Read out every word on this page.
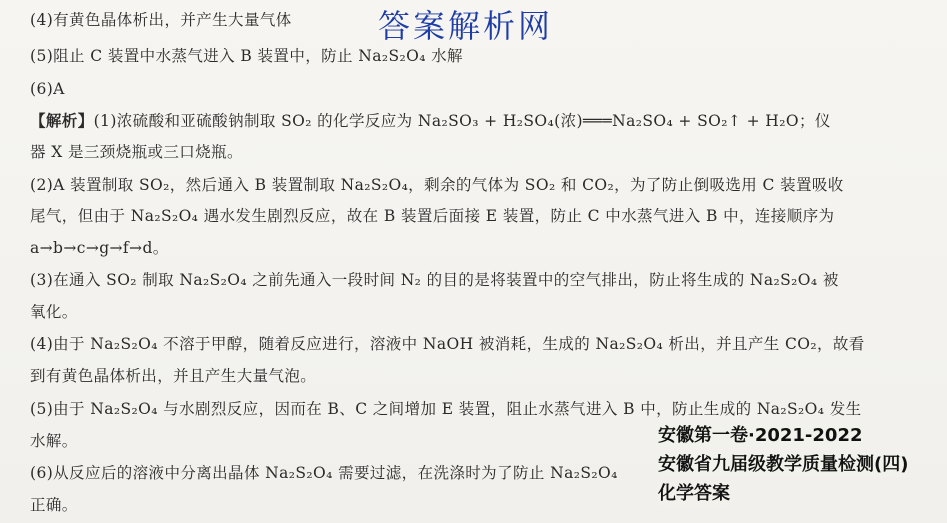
(4)有黄色晶体析出，并产生大量气体
(5)阻止 C 装置中水蒸气进入 B 装置中，防止 Na₂S₂O₄ 水解
(6)A
【解析】(1)浓硫酸和亚硫酸钠制取 SO₂ 的化学反应为 Na₂SO₃ + H₂SO₄(浓)═══Na₂SO₄ + SO₂↑ + H₂O；仪
器 X 是三颈烧瓶或三口烧瓶。
(2)A 装置制取 SO₂，然后通入 B 装置制取 Na₂S₂O₄，剩余的气体为 SO₂ 和 CO₂，为了防止倒吸选用 C 装置吸收
尾气，但由于 Na₂S₂O₄ 遇水发生剧烈反应，故在 B 装置后面接 E 装置，防止 C 中水蒸气进入 B 中，连接顺序为
a→b→c→g→f→d。
(3)在通入 SO₂ 制取 Na₂S₂O₄ 之前先通入一段时间 N₂ 的目的是将装置中的空气排出，防止将生成的 Na₂S₂O₄ 被
氧化。
(4)由于 Na₂S₂O₄ 不溶于甲醇，随着反应进行，溶液中 NaOH 被消耗，生成的 Na₂S₂O₄ 析出，并且产生 CO₂，故看
到有黄色晶体析出，并且产生大量气泡。
(5)由于 Na₂S₂O₄ 与水剧烈反应，因而在 B、C 之间增加 E 装置，阻止水蒸气进入 B 中，防止生成的 Na₂S₂O₄ 发生
水解。
(6)从反应后的溶液中分离出晶体 Na₂S₂O₄ 需要过滤，在洗涤时为了防止 Na₂S₂O₄
正确。
答案解析网
安徽第一卷·2021-2022
安徽省九届级教学质量检测(四)
化学答案
